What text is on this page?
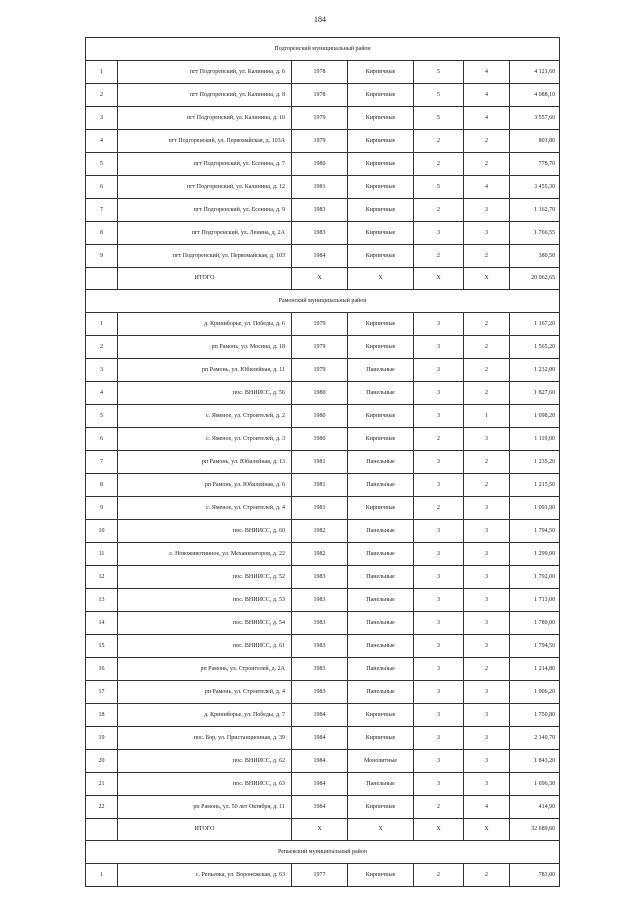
184
Подгоренский муниципальный район						
1	пгт Подгоренский, ул. Калинина, д. 6	1978	Кирпичные	5	4	4 121,60
2	пгт Подгоренский, ул. Калинина, д. 8	1978	Кирпичные	5	4	4 088,10
3	пгт Подгоренский, ул. Калинина, д. 10	1979	Кирпичные	5	4	3 557,60
4	пгт Подгоренский, ул. Первомайская, д. 103А	1979	Кирпичные	2	2	801,80
5	пгт Подгоренский, ул. Есенина, д. 7	1980	Кирпичные	2	2	778,70
6	пгт Подгоренский, ул. Калинина, д. 12	1981	Кирпичные	5	4	3 455,30
7	пгт Подгоренский, ул. Есенина, д. 9	1983	Кирпичные	2	3	1 162,70
8	пгт Подгоренский, ул. Ленина, д. 2А	1983	Кирпичные	3	3	1 766,55
9	пгт Подгоренский, ул. Первомайская, д. 103	1984	Кирпичные	2	2	380,50
	ИТОГО	Х	Х	Х	Х	20 062,65
Рамонский муниципальный район						
1	д. Криниборье, ул. Победы, д. 6	1979	Кирпичные	3	2	1 167,20
2	рп Рамонь, ул. Мосина, д. 18	1979	Кирпичные	3	2	1 565,20
3	рп Рамонь, ул. Юбилейная, д. 11	1979	Панельные	3	2	1 232,00
4	пос. ВНИИСС, д. 56	1980	Панельные	3	2	1 827,60
5	с. Яменое, ул. Строителей, д. 2	1980	Кирпичные	3	1	1 098,20
6	с. Яменое, ул. Строителей, д. 3	1980	Кирпичные	2	3	1 119,00
7	рп Рамонь, ул. Юбилейная, д. 13	1981	Панельные	3	2	1 235,20
8	рп Рамонь, ул. Юбилейная, д. 6	1981	Панельные	3	2	1 215,50
9	с. Яменое, ул. Строителей, д. 4	1981	Кирпичные	2	3	1 091,90
10	пос. ВНИИСС, д. 60	1982	Панельные	3	3	1 794,50
11	с. Новоживотинное, ул. Механизаторов, д. 22	1982	Панельные	3	3	1 299,00
12	пос. ВНИИСС, д. 52	1983	Панельные	3	3	1 792,00
13	пос. ВНИИСС, д. 53	1983	Панельные	3	3	1 713,00
14	пос. ВНИИСС, д. 54	1983	Панельные	3	3	1 789,00
15	пос. ВНИИСС, д. 61	1983	Панельные	3	3	1 794,50
16	рп Рамонь, ул. Строителей, д. 2А	1983	Панельные	3	2	1 214,80
17	рп Рамонь, ул. Строителей, д. 4	1983	Панельные	3	3	1 906,20
18	д. Криниборье, ул. Победы, д. 7	1984	Кирпичные	3	3	1 750,80
19	пос. Бор, ул. Пристанционная, д. 39	1984	Кирпичные	3	3	2 140,70
20	пос. ВНИИСС, д. 62	1984	Монолитные	3	3	1 843,20
21	пос. ВНИИСС, д. 63	1984	Панельные	3	3	1 696,30
22	рп Рамонь, ул. 50 лет Октября, д. 11	1984	Кирпичные	2	4	414,90
	ИТОГО	Х	Х	Х	Х	32 689,60
Репьевский муниципальный район						
1	с. Репьевка, ул. Воронежская, д. 63	1977	Кирпичные	2	2	783,00
